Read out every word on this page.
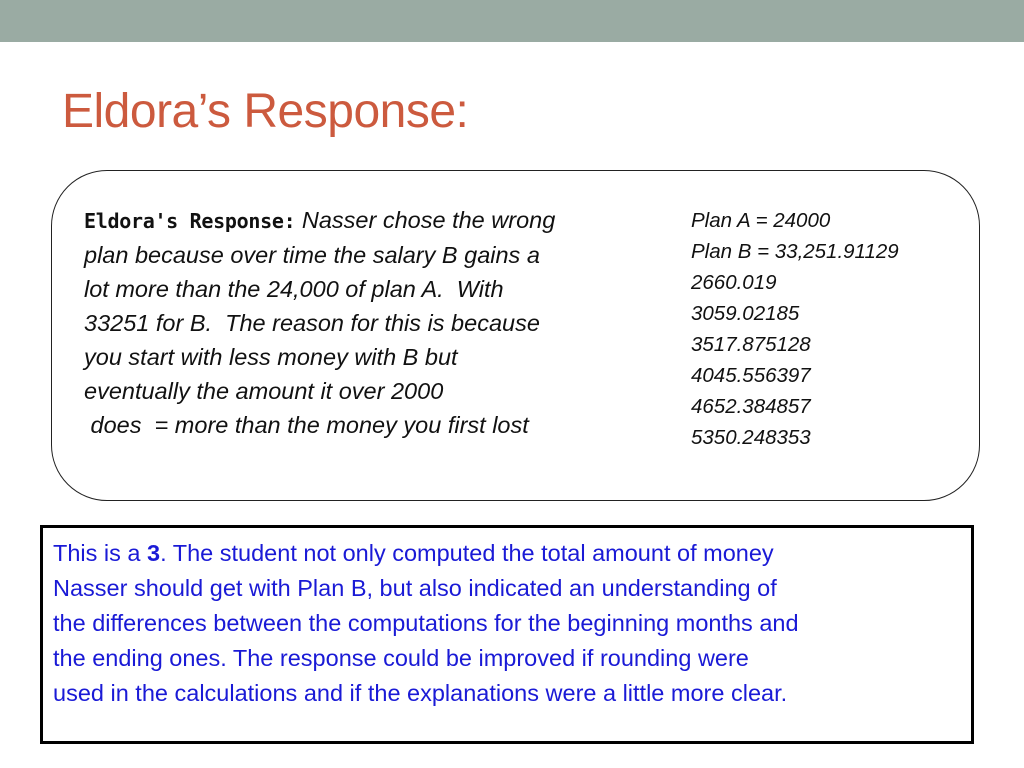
Eldora’s Response:

Eldora's Response: Nasser chose the wrong
plan because over time the salary B gains a
lot more than the 24,000 of plan A.  With
33251 for B.  The reason for this is because
you start with less money with B but
eventually the amount it over 2000
does  = more than the money you first lost

Plan A = 24000
Plan B = 33,251.91129
2660.019
3059.02185
3517.875128
4045.556397
4652.384857
5350.248353

This is a 3. The student not only computed the total amount of money
Nasser should get with Plan B, but also indicated an understanding of
the differences between the computations for the beginning months and
the ending ones. The response could be improved if rounding were
used in the calculations and if the explanations were a little more clear.
